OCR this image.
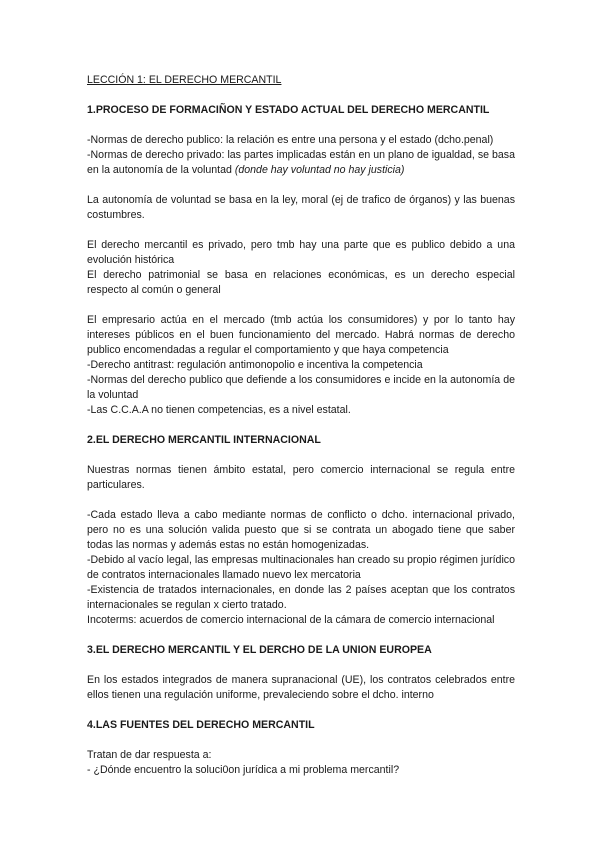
LECCIÓN 1: EL DERECHO MERCANTIL

1.PROCESO DE FORMACIÑON Y ESTADO ACTUAL DEL DERECHO MERCANTIL

-Normas de derecho publico: la relación es entre una persona y el estado (dcho.penal)

-Normas de derecho privado: las partes implicadas están en un plano de igualdad, se basa en la autonomía de la voluntad (donde hay voluntad no hay justicia)

La autonomía de voluntad se basa en la ley, moral (ej de trafico de órganos) y las buenas costumbres.

El derecho mercantil es privado, pero tmb hay una parte que es publico debido a una evolución histórica

El derecho patrimonial se basa en relaciones económicas, es un derecho especial respecto al común o general

El empresario actúa en el mercado (tmb actúa los consumidores) y por lo tanto hay intereses públicos en el buen funcionamiento del mercado. Habrá normas de derecho publico encomendadas a regular el comportamiento y que haya competencia

-Derecho antitrast: regulación antimonopolio e incentiva la competencia

-Normas del derecho publico que defiende a los consumidores e incide en la autonomía de la voluntad

-Las C.C.A.A no tienen competencias, es a nivel estatal.

2.EL DERECHO MERCANTIL INTERNACIONAL

Nuestras normas tienen ámbito estatal, pero comercio internacional se regula entre particulares.

-Cada estado lleva a cabo mediante normas de conflicto o dcho. internacional privado, pero no es una solución valida puesto que si se contrata un abogado tiene que saber todas las normas y además estas no están homogenizadas.

-Debido al vacío legal, las empresas multinacionales han creado su propio régimen jurídico de contratos internacionales llamado nuevo lex mercatoria

-Existencia de tratados internacionales, en donde las 2 países aceptan que los contratos internacionales se regulan x cierto tratado.

Incoterms: acuerdos de comercio internacional de la cámara de comercio internacional

3.EL DERECHO MERCANTIL Y EL DERCHO DE LA UNION EUROPEA

En los estados integrados de manera supranacional (UE), los contratos celebrados entre ellos tienen una regulación uniforme, prevaleciendo sobre el dcho. interno

4.LAS FUENTES DEL DERECHO MERCANTIL

Tratan de dar respuesta a:

- ¿Dónde encuentro la soluci0on jurídica a mi problema mercantil?
